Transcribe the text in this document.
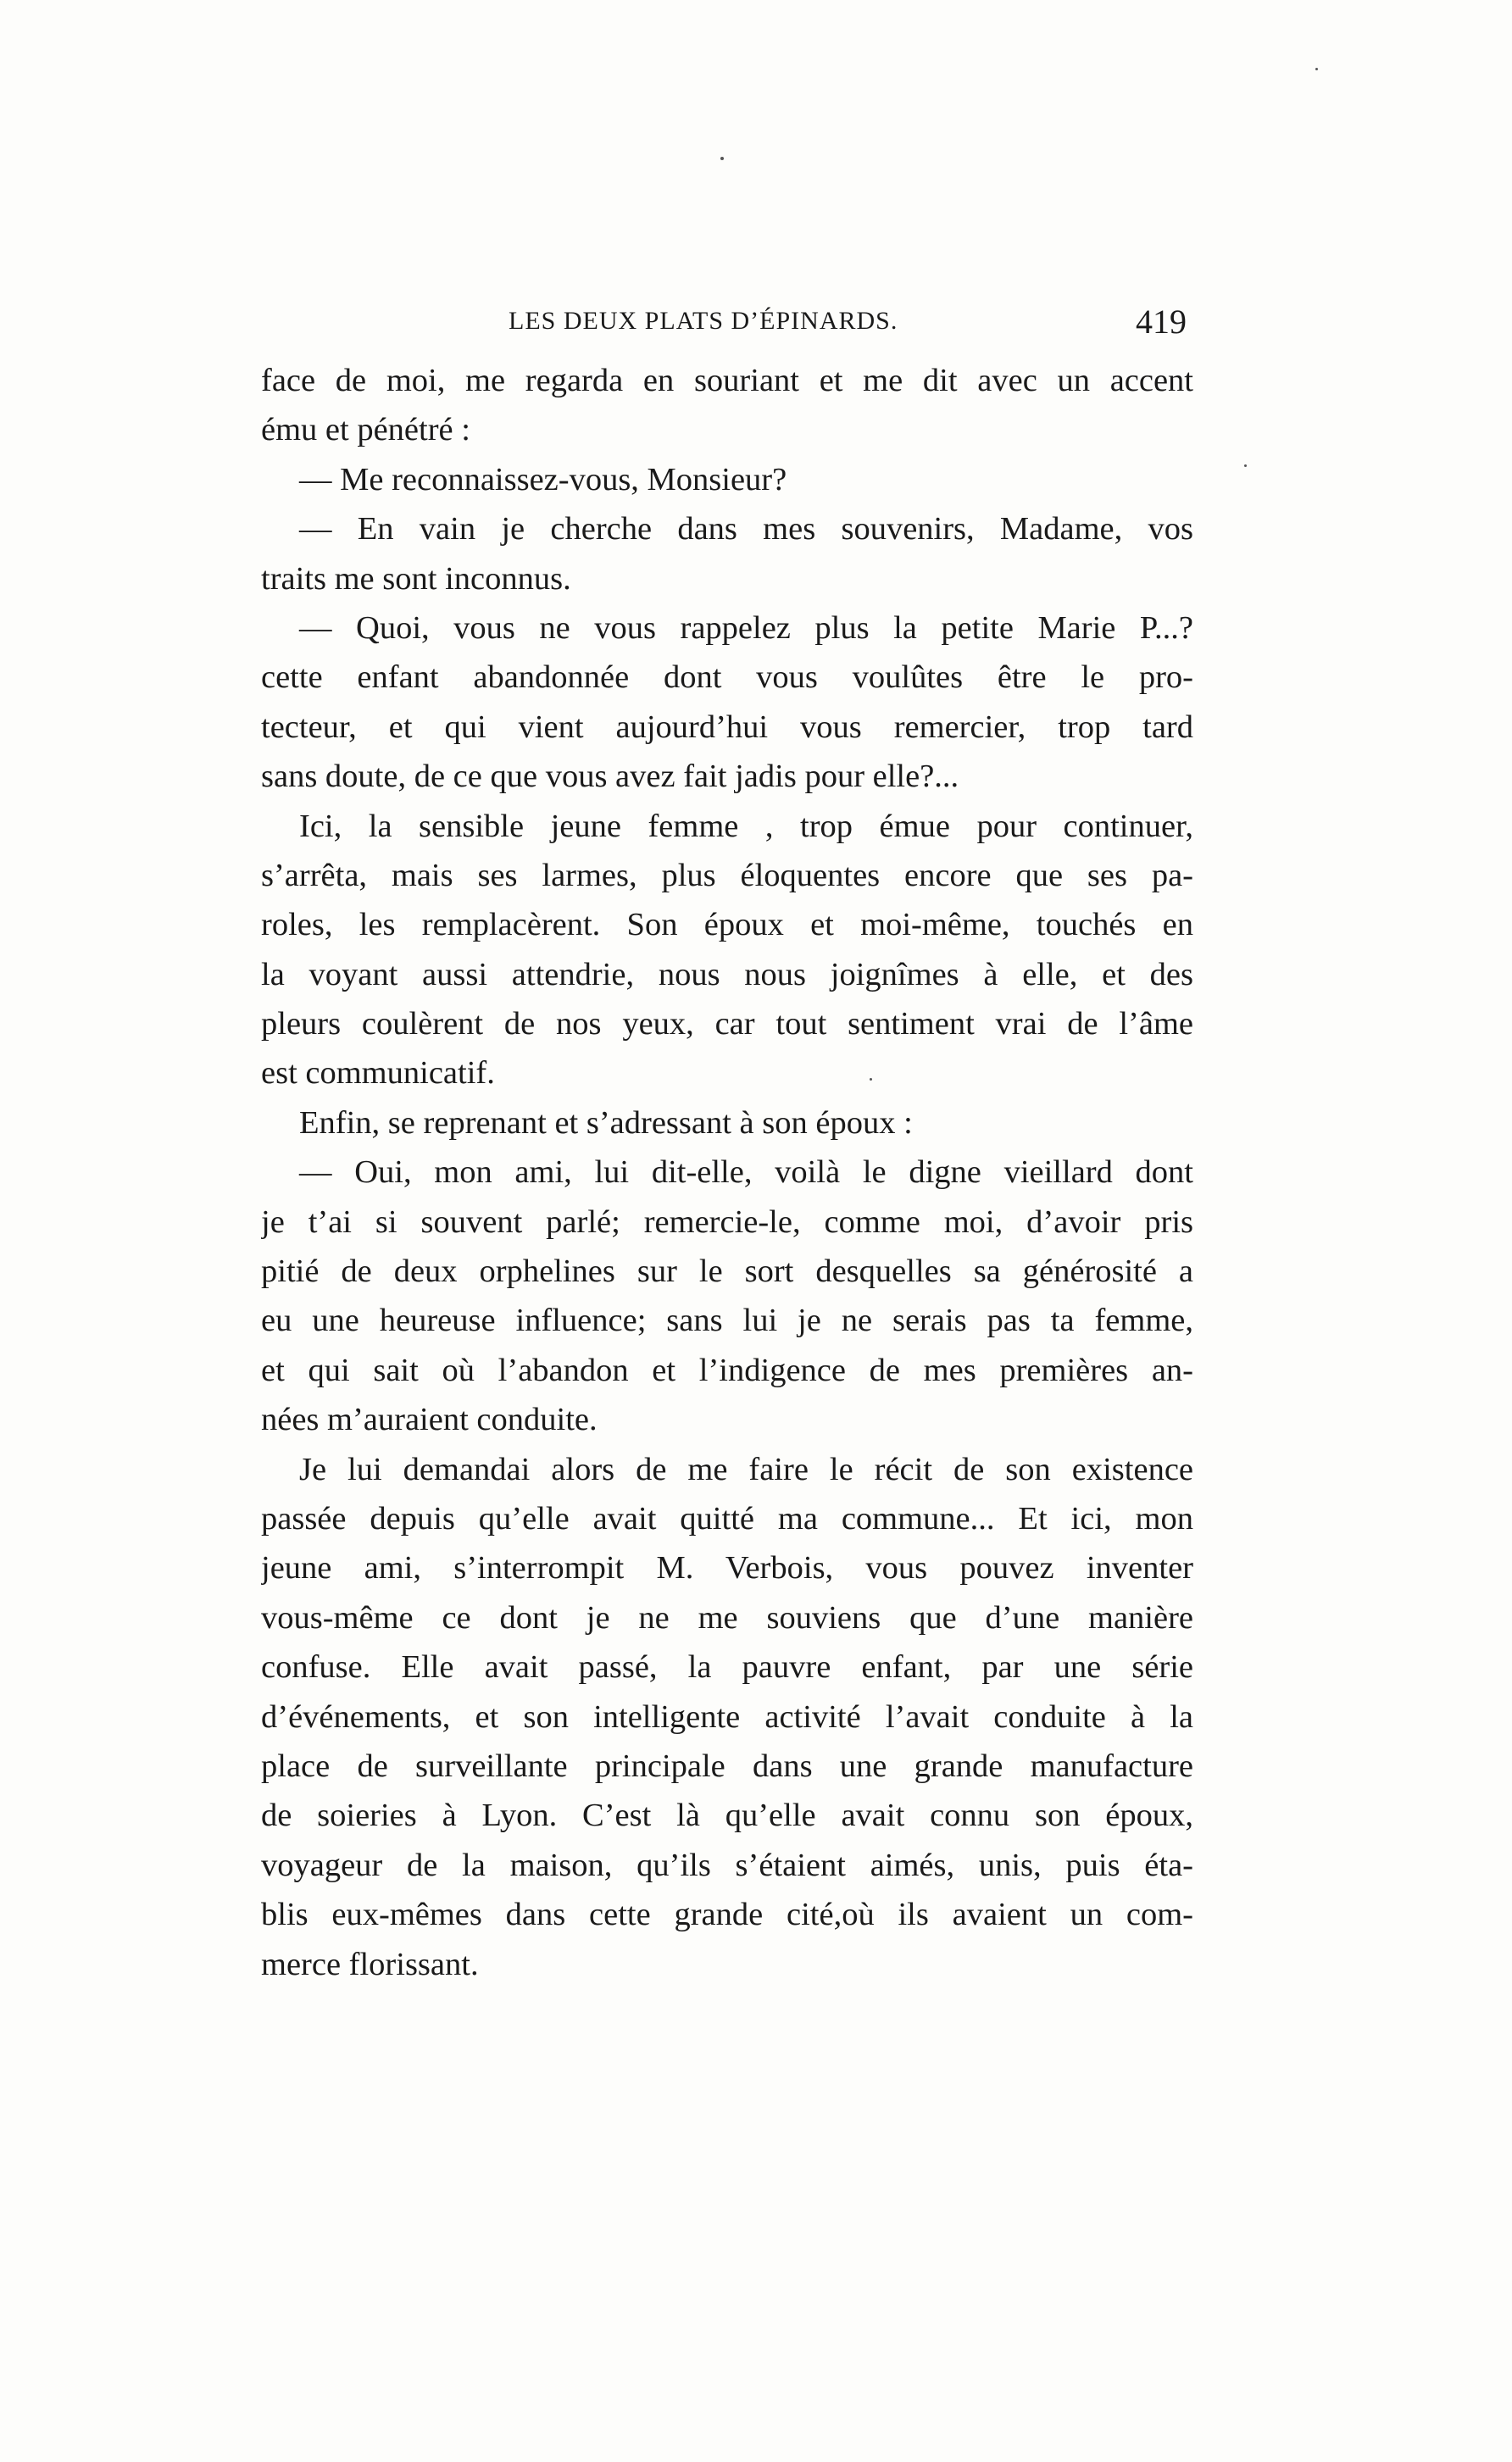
LES DEUX PLATS D’ÉPINARDS.	419
face de moi, me regarda en souriant et me dit avec un accent
ému et pénétré :
— Me reconnaissez-vous, Monsieur?
— En vain je cherche dans mes souvenirs, Madame, vos
traits me sont inconnus.
— Quoi, vous ne vous rappelez plus la petite Marie P...?
cette enfant abandonnée dont vous voulûtes être le pro-
tecteur, et qui vient aujourd’hui vous remercier, trop tard
sans doute, de ce que vous avez fait jadis pour elle?...
Ici, la sensible jeune femme , trop émue pour continuer,
s’arrêta, mais ses larmes, plus éloquentes encore que ses pa-
roles, les remplacèrent. Son époux et moi-même, touchés en
la voyant aussi attendrie, nous nous joignîmes à elle, et des
pleurs coulèrent de nos yeux, car tout sentiment vrai de l’âme
est communicatif.
Enfin, se reprenant et s’adressant à son époux :
— Oui, mon ami, lui dit-elle, voilà le digne vieillard dont
je t’ai si souvent parlé; remercie-le, comme moi, d’avoir pris
pitié de deux orphelines sur le sort desquelles sa générosité a
eu une heureuse influence; sans lui je ne serais pas ta femme,
et qui sait où l’abandon et l’indigence de mes premières an-
nées m’auraient conduite.
Je lui demandai alors de me faire le récit de son existence
passée depuis qu’elle avait quitté ma commune... Et ici, mon
jeune ami, s’interrompit M. Verbois, vous pouvez inventer
vous-même ce dont je ne me souviens que d’une manière
confuse. Elle avait passé, la pauvre enfant, par une série
d’événements, et son intelligente activité l’avait conduite à la
place de surveillante principale dans une grande manufacture
de soieries à Lyon. C’est là qu’elle avait connu son époux,
voyageur de la maison, qu’ils s’étaient aimés, unis, puis éta-
blis eux-mêmes dans cette grande cité,où ils avaient un com-
merce florissant.
